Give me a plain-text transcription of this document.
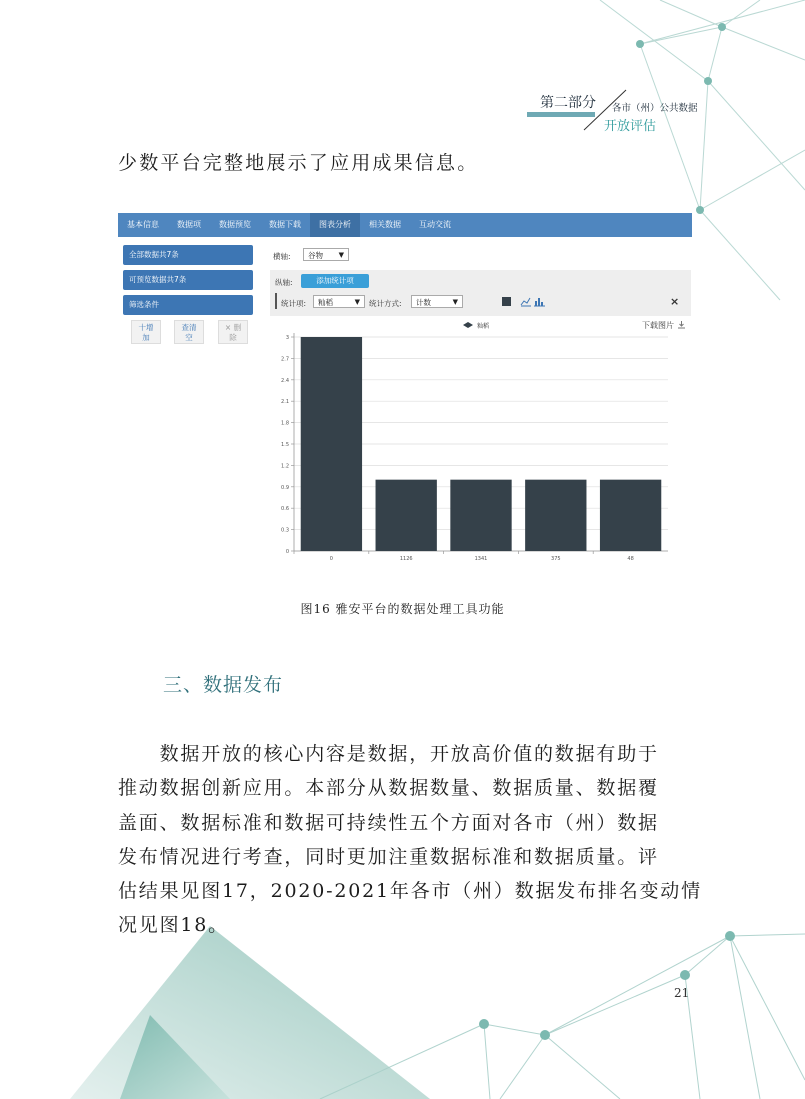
第二部分 各市（州）公共数据
开放评估
少数平台完整地展示了应用成果信息。
基本信息	数据项	数据预览	数据下载	图表分析	相关数据	互动交流
全部数据共7条
可预览数据共7条
筛选条件
十增
加
查清
空
× 删
除
横轴:	谷物 ▼
纵轴:	添加统计项
统计项:	籼稻	▼ 统计方式:	计数	▼	×
下载图片
籼稻
0
0.3
0.6
0.9
1.2
1.5
1.8
2.1
2.4
2.7
3
0	1126	1341	375	48
图16 雅安平台的数据处理工具功能
三、数据发布
　　数据开放的核心内容是数据，开放高价值的数据有助于
推动数据创新应用。本部分从数据数量、数据质量、数据覆
盖面、数据标准和数据可持续性五个方面对各市（州）数据
发布情况进行考查，同时更加注重数据标准和数据质量。评
估结果见图17，2020-2021年各市（州）数据发布排名变动情
况见图18。
21
